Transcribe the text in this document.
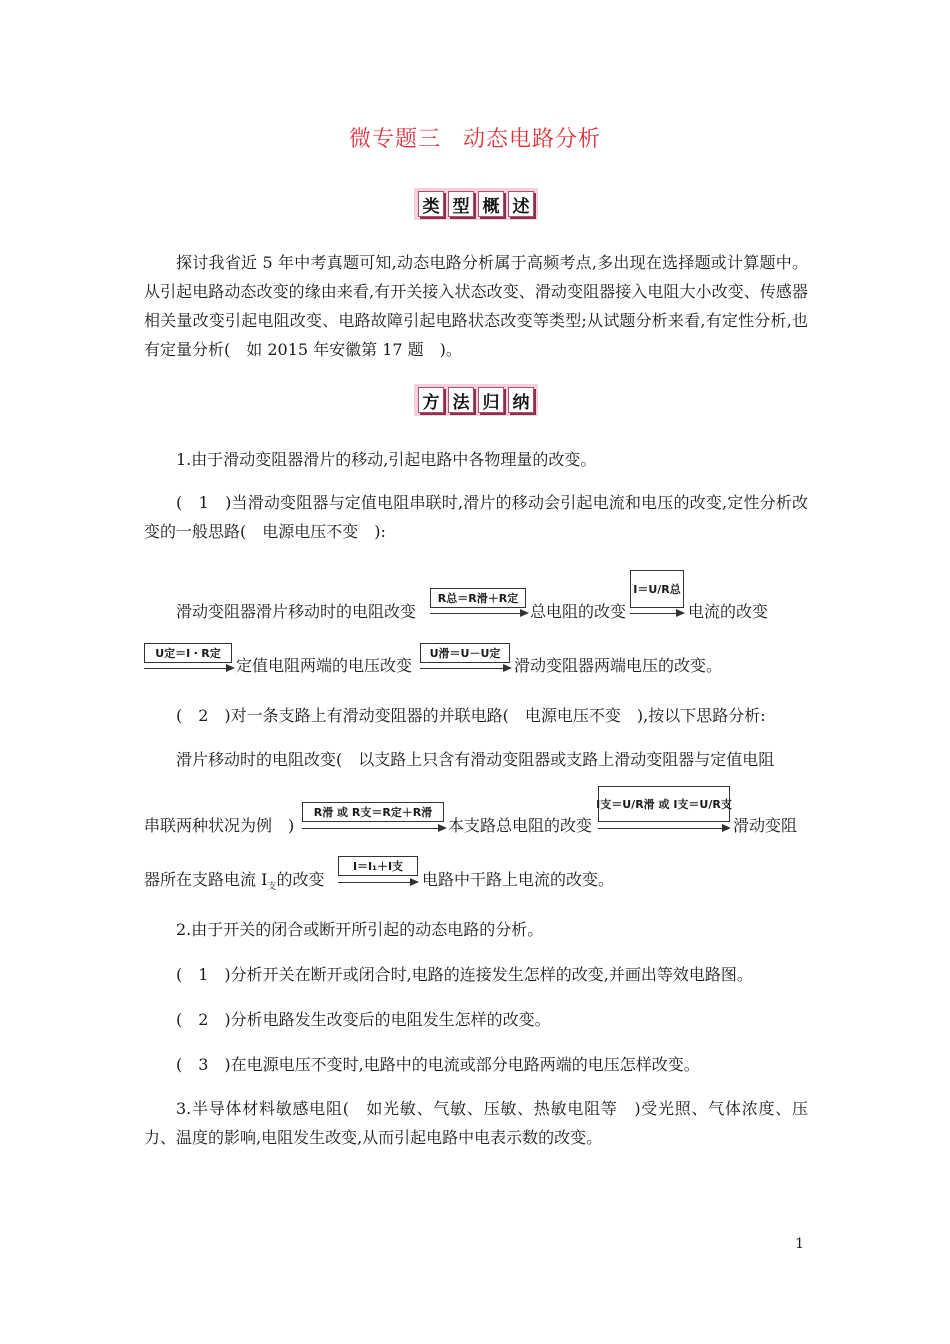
微专题三 动态电路分析
类 型 概 述
探讨我省近 5 年中考真题可知,动态电路分析属于高频考点,多出现在选择题或计算题中。从引起电路动态改变的缘由来看,有开关接入状态改变、滑动变阻器接入电阻大小改变、传感器相关量改变引起电阻改变、电路故障引起电路状态改变等类型;从试题分析来看,有定性分析,也有定量分析(　如 2015 年安徽第 17 题　)。
方 法 归 纳
1.由于滑动变阻器滑片的移动,引起电路中各物理量的改变。
(　1　)当滑动变阻器与定值电阻串联时,滑片的移动会引起电流和电压的改变,定性分析改变的一般思路(　电源电压不变　):
滑动变阻器滑片移动时的电阻改变
R总＝R滑＋R定
总电阻的改变
I＝U/R总
电流的改变
U定＝I・R定
定值电阻两端的电压改变
U滑＝U－U定
滑动变阻器两端电压的改变。
(　2　)对一条支路上有滑动变阻器的并联电路(　电源电压不变　),按以下思路分析:
滑片移动时的电阻改变(　以支路上只含有滑动变阻器或支路上滑动变阻器与定值电阻
串联两种状况为例　)
R滑 或 R支＝R定＋R滑
本支路总电阻的改变
I支＝U/R滑 或 I支＝U/R支
滑动变阻
器所在支路电流 $I_支$的改变
I＝I₁＋I支
电路中干路上电流的改变。
2.由于开关的闭合或断开所引起的动态电路的分析。
(　1　)分析开关在断开或闭合时,电路的连接发生怎样的改变,并画出等效电路图。
(　2　)分析电路发生改变后的电阻发生怎样的改变。
(　3　)在电源电压不变时,电路中的电流或部分电路两端的电压怎样改变。
3.半导体材料敏感电阻(　如光敏、气敏、压敏、热敏电阻等　)受光照、气体浓度、压力、温度的影响,电阻发生改变,从而引起电路中电表示数的改变。
1
